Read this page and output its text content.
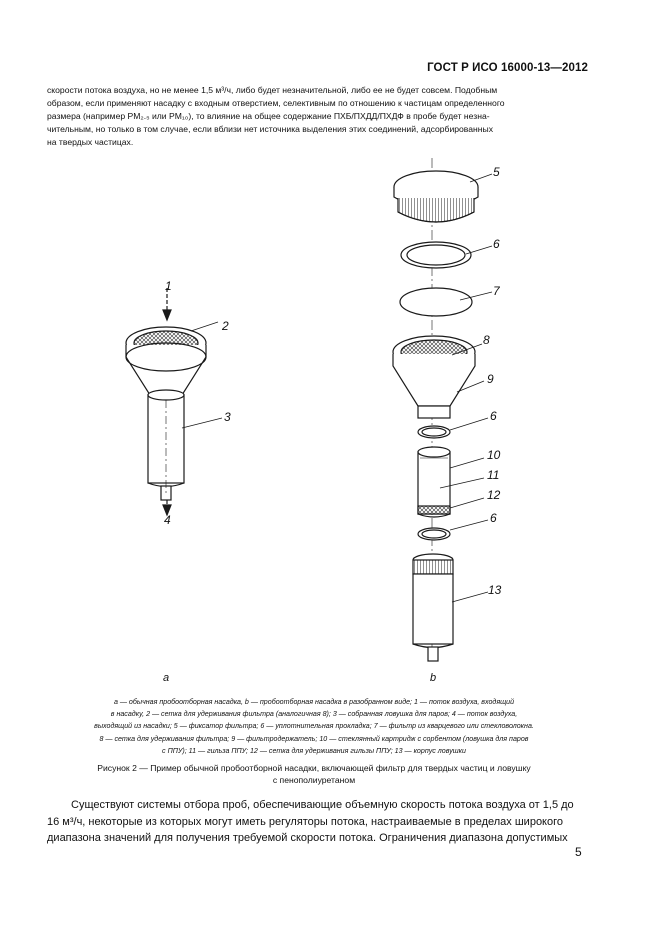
ГОСТ Р ИСО 16000-13—2012

скорости потока воздуха, но не менее 1,5 м³/ч, либо будет незначительной, либо ее не будет совсем. Подобным

образом, если применяют насадку с входным отверстием, селективным по отношению к частицам определенного

размера (например PM₂.₅ или PM₁₀), то влияние на общее содержание ПХБ/ПХДД/ПХДФ в пробе будет незна-

чительным, но только в том случае, если вблизи нет источника выделения этих соединений, адсорбированных

на твердых частицах.

1
2
3
4
5
6
7
8
9
6
10
11
12
6
13
a	b

a — обычная пробоотборная насадка, b — пробоотборная насадка в разобранном виде; 1 — поток воздуха, входящий

в насадку, 2 — сетка для удерживания фильтра (аналогичная 8); 3 — собранная ловушка для паров; 4 — поток воздуха,

выходящий из насадки; 5 — фиксатор фильтра; 6 — уплотнительная прокладка; 7 — фильтр из кварцевого или стекловолокна.

8 — сетка для удерживания фильтра; 9 — фильтродержатель; 10 — стеклянный картридж с сорбентом (ловушка для паров

с ППУ); 11 — гильза ППУ; 12 — сетка для удерживания гильзы ППУ; 13 — корпус ловушки

Рисунок 2 — Пример обычной пробоотборной насадки, включающей фильтр для твердых частиц и ловушку

с пенополиуретаном

Существуют системы отбора проб, обеспечивающие объемную скорость потока воздуха от 1,5 до

16 м³/ч, некоторые из которых могут иметь регуляторы потока, настраиваемые в пределах широкого

диапазона значений для получения требуемой скорости потока. Ограничения диапазона допустимых

5
